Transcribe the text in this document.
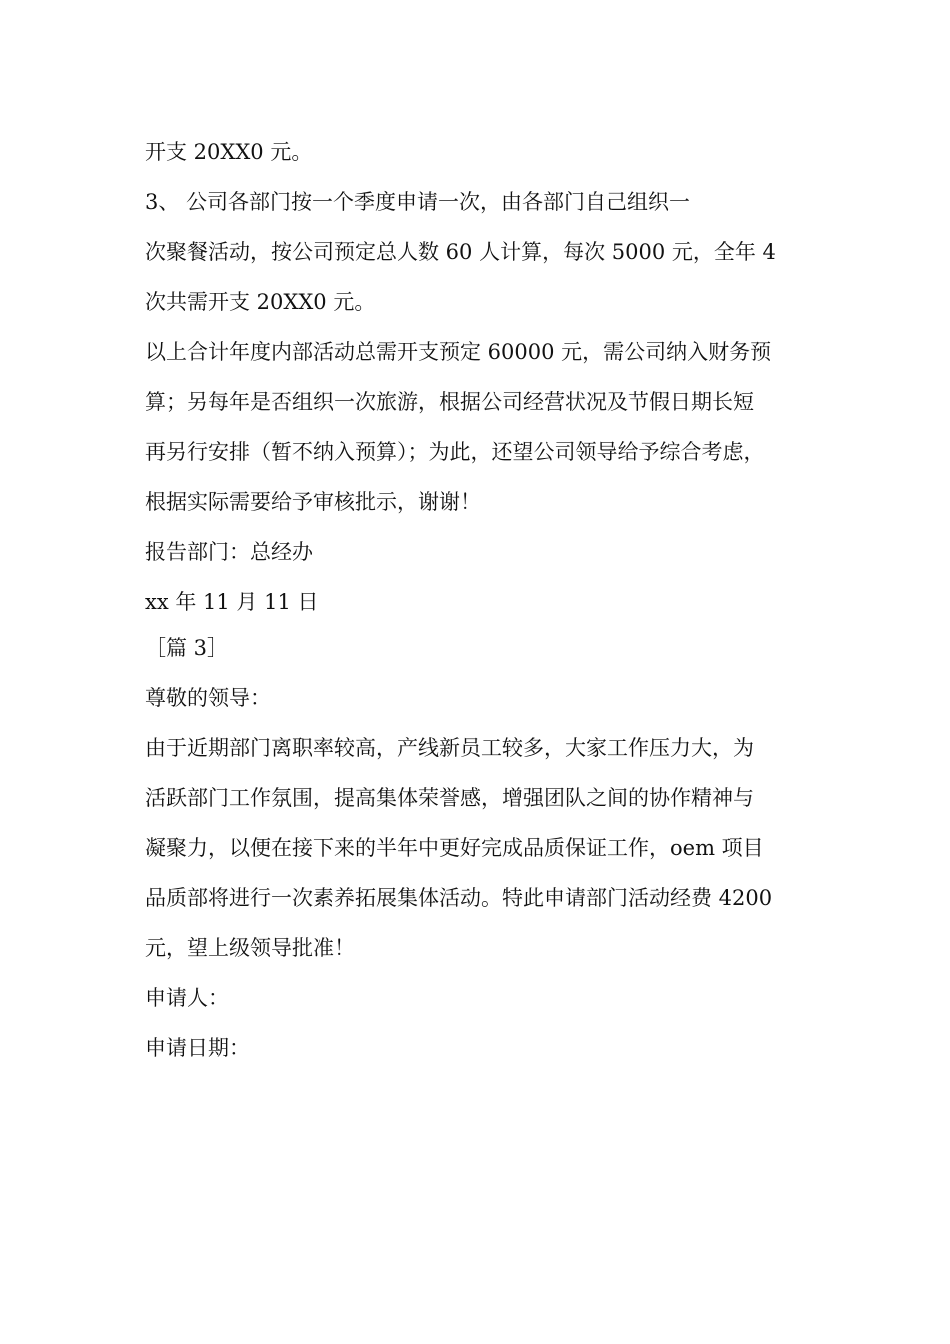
开支 20XX0 元。

3、 公司各部门按一个季度申请一次，由各部门自己组织一

次聚餐活动，按公司预定总人数 60 人计算，每次 5000 元，全年 4

次共需开支 20XX0 元。

以上合计年度内部活动总需开支预定 60000 元，需公司纳入财务预

算；另每年是否组织一次旅游，根据公司经营状况及节假日期长短

再另行安排（暂不纳入预算）；为此，还望公司领导给予综合考虑，

根据实际需要给予审核批示，谢谢！

报告部门：总经办

xx 年 11 月 11 日

［篇 3］

尊敬的领导：

由于近期部门离职率较高，产线新员工较多，大家工作压力大，为

活跃部门工作氛围，提高集体荣誉感，增强团队之间的协作精神与

凝聚力，以便在接下来的半年中更好完成品质保证工作，oem 项目

品质部将进行一次素养拓展集体活动。特此申请部门活动经费 4200

元，望上级领导批准！

申请人：

申请日期：
